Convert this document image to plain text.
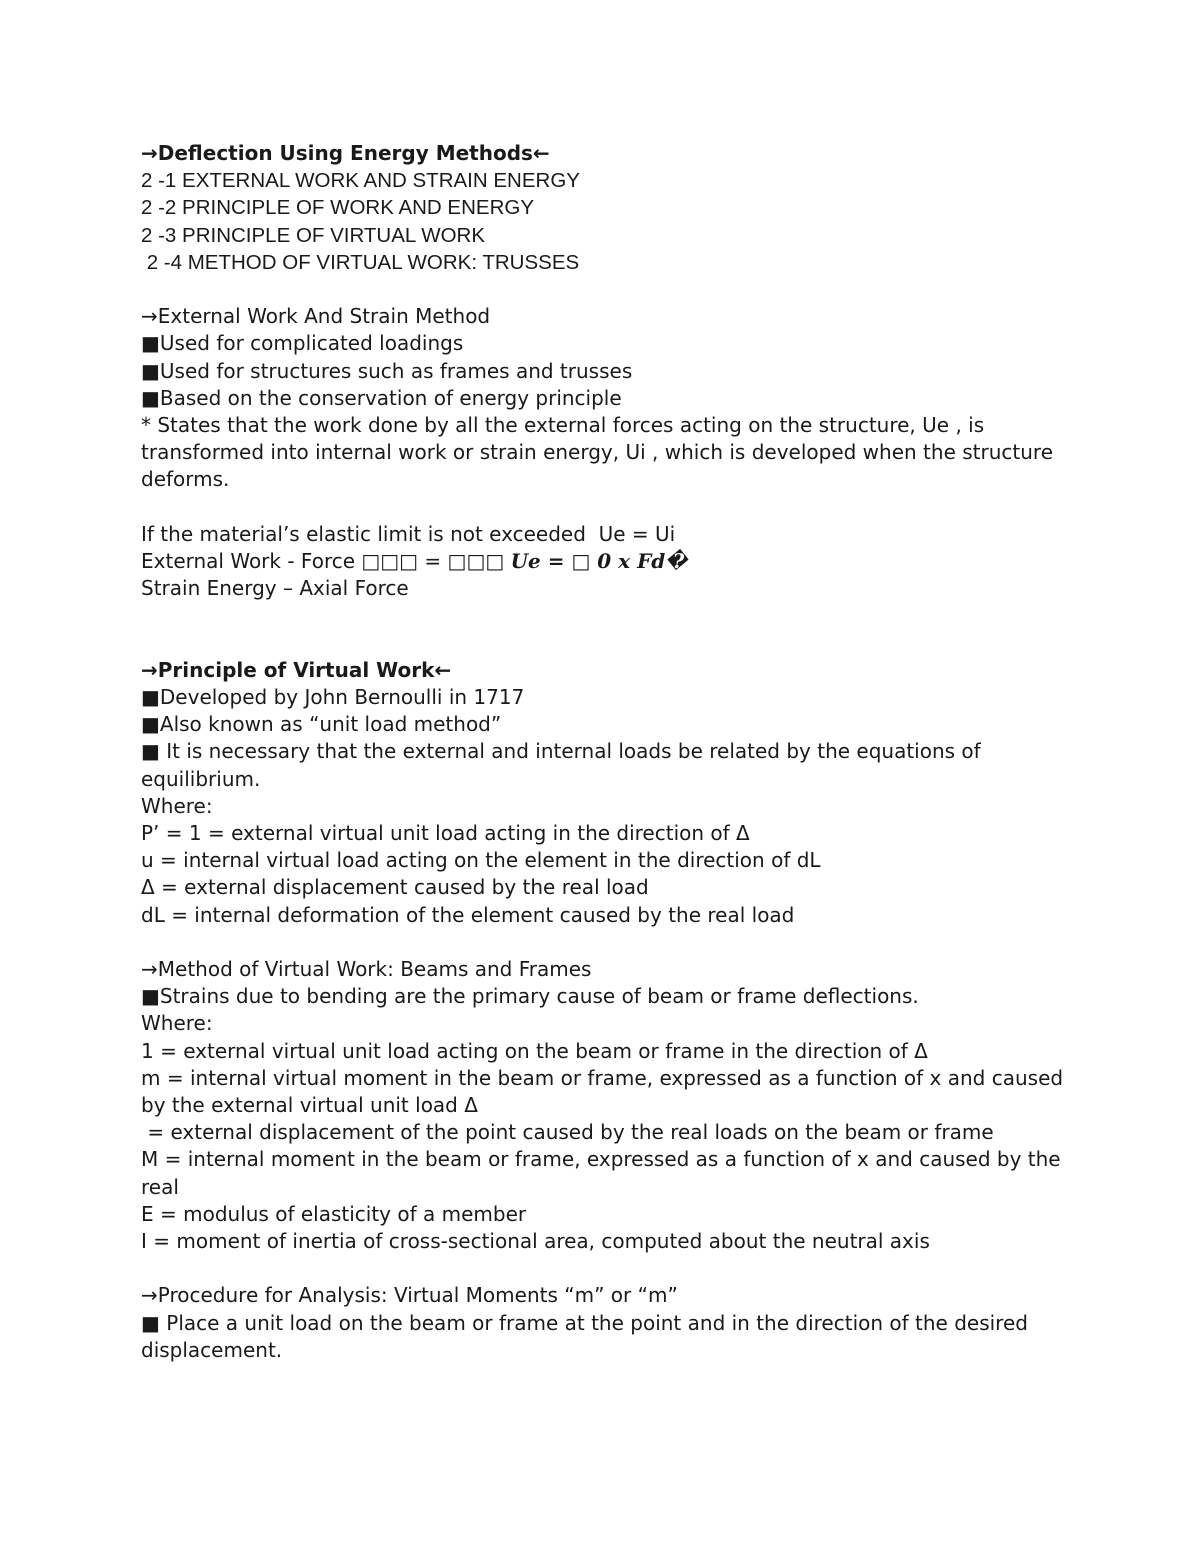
→Deflection Using Energy Methods←
2 -1 EXTERNAL WORK AND STRAIN ENERGY
2 -2 PRINCIPLE OF WORK AND ENERGY
2 -3 PRINCIPLE OF VIRTUAL WORK
2 -4 METHOD OF VIRTUAL WORK: TRUSSES
→External Work And Strain Method
■Used for complicated loadings
■Used for structures such as frames and trusses
■Based on the conservation of energy principle
* States that the work done by all the external forces acting on the structure, Ue , is transformed into internal work or strain energy, Ui , which is developed when the structure deforms.
If the material’s elastic limit is not exceeded  Ue = Ui
External Work - Force □□□ = □□□ Ue = □ 0 x Fd�
Strain Energy – Axial Force
→Principle of Virtual Work←
■Developed by John Bernoulli in 1717
■Also known as “unit load method”
■ It is necessary that the external and internal loads be related by the equations of equilibrium.
Where:
P’ = 1 = external virtual unit load acting in the direction of Δ
u = internal virtual load acting on the element in the direction of dL
Δ = external displacement caused by the real load
dL = internal deformation of the element caused by the real load
→Method of Virtual Work: Beams and Frames
■Strains due to bending are the primary cause of beam or frame deflections.
Where:
1 = external virtual unit load acting on the beam or frame in the direction of Δ
m = internal virtual moment in the beam or frame, expressed as a function of x and caused by the external virtual unit load Δ
= external displacement of the point caused by the real loads on the beam or frame
M = internal moment in the beam or frame, expressed as a function of x and caused by the real
E = modulus of elasticity of a member
I = moment of inertia of cross-sectional area, computed about the neutral axis
→Procedure for Analysis: Virtual Moments “m” or “m”
■ Place a unit load on the beam or frame at the point and in the direction of the desired displacement.
